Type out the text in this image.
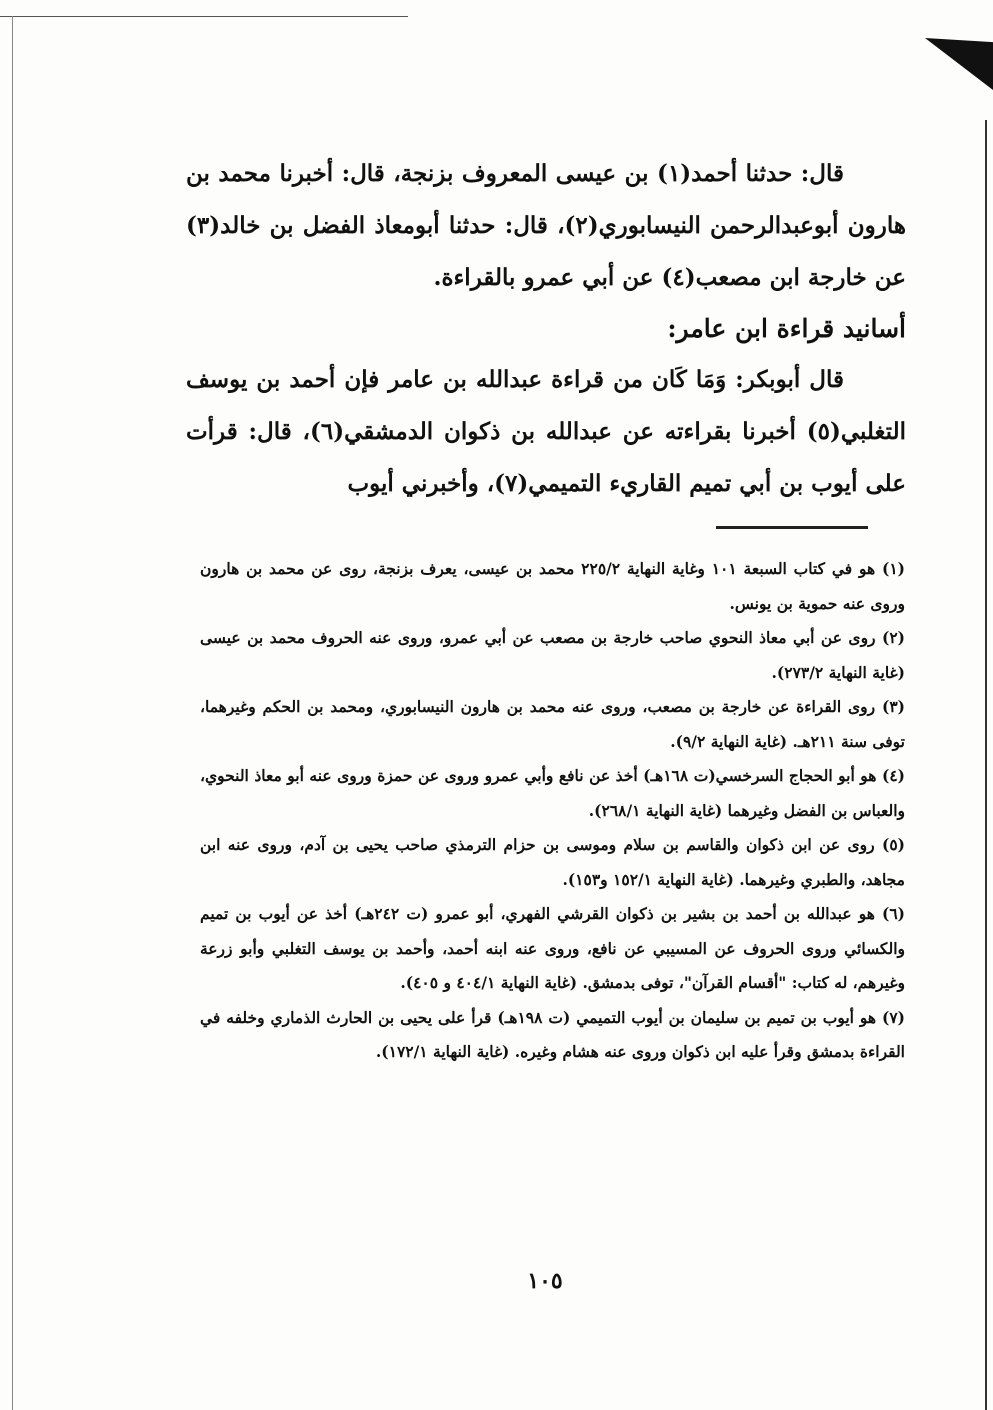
قال: حدثنا أحمد(١) بن عيسى المعروف بزنجة، قال: أخبرنا محمد بن هارون أبوعبدالرحمن النيسابوري(٢)، قال: حدثنا أبومعاذ الفضل بن خالد(٣) عن خارجة ابن مصعب(٤) عن أبي عمرو بالقراءة.

أسانيد قراءة ابن عامر:

قال أبوبكر: وَمَا كَان من قراءة عبدالله بن عامر فإن أحمد بن يوسف التغلبي(٥) أخبرنا بقراءته عن عبدالله بن ذكوان الدمشقي(٦)، قال: قرأت على أيوب بن أبي تميم القاريء التميمي(٧)، وأخبرني أيوب

(١) هو في كتاب السبعة ١٠١ وغاية النهاية ٢٢٥/٢ محمد بن عيسى، يعرف بزنجة، روى عن محمد بن هارون وروى عنه حموية بن يونس.

(٢) روى عن أبي معاذ النحوي صاحب خارجة بن مصعب عن أبي عمرو، وروى عنه الحروف محمد بن عيسى (غاية النهاية ٢٧٣/٢).

(٣) روى القراءة عن خارجة بن مصعب، وروى عنه محمد بن هارون النيسابوري، ومحمد بن الحكم وغيرهما، توفى سنة ٢١١هـ. (غاية النهاية ٩/٢).

(٤) هو أبو الحجاج السرخسي(ت ١٦٨هـ) أخذ عن نافع وأبي عمرو وروى عن حمزة وروى عنه أبو معاذ النحوي، والعباس بن الفضل وغيرهما (غاية النهاية ٢٦٨/١).

(٥) روى عن ابن ذكوان والقاسم بن سلام وموسى بن حزام الترمذي صاحب يحيى بن آدم، وروى عنه ابن مجاهد، والطبري وغيرهما. (غاية النهاية ١٥٢/١ و١٥٣).

(٦) هو عبدالله بن أحمد بن بشير بن ذكوان القرشي الفهري، أبو عمرو (ت ٢٤٢هـ) أخذ عن أيوب بن تميم والكسائي وروى الحروف عن المسيبي عن نافع، وروى عنه ابنه أحمد، وأحمد بن يوسف التغلبي وأبو زرعة وغيرهم، له كتاب: "أقسام القرآن"، توفى بدمشق. (غاية النهاية ٤٠٤/١ و ٤٠٥).

(٧) هو أيوب بن تميم بن سليمان بن أيوب التميمي (ت ١٩٨هـ) قرأ على يحيى بن الحارث الذماري وخلفه في القراءة بدمشق وقرأ عليه ابن ذكوان وروى عنه هشام وغيره. (غاية النهاية ١٧٢/١).

١٠٥
